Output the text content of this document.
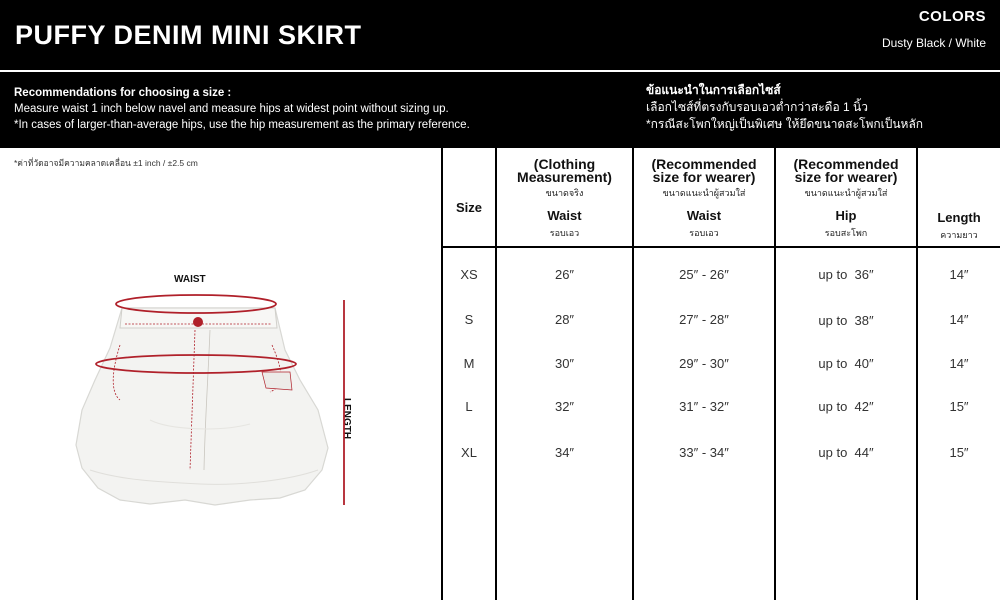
PUFFY DENIM MINI SKIRT
COLORS
Dusty Black / White
Recommendations for choosing a size :
Measure waist 1 inch below navel and measure hips at widest point without sizing up.
*In cases of larger-than-average hips, use the hip measurement as the primary reference.
ข้อแนะนำในการเลือกไซส์
เลือกไซส์ที่ตรงกับรอบเอวต่ำกว่าสะดือ 1 นิ้ว
*กรณีสะโพกใหญ่เป็นพิเศษ ให้ยึดขนาดสะโพกเป็นหลัก
*ค่าที่วัดอาจมีความคลาดเคลื่อน ±1 inch / ±2.5 cm
WAIST
LENGTH
Size
(Clothing
Measurement)
ขนาดจริง
Waist
รอบเอว
(Recommended
size for wearer)
ขนาดแนะนำผู้สวมใส่
Waist
รอบเอว
(Recommended
size for wearer)
ขนาดแนะนำผู้สวมใส่
Hip
รอบสะโพก
Length
ความยาว
XS	26″	25″ - 26″	up to  36″	14″
S	28″	27″ - 28″	up to  38″	14″
M	30″	29″ - 30″	up to  40″	14″
L	32″	31″ - 32″	up to  42″	15″
XL	34″	33″ - 34″	up to  44″	15″
